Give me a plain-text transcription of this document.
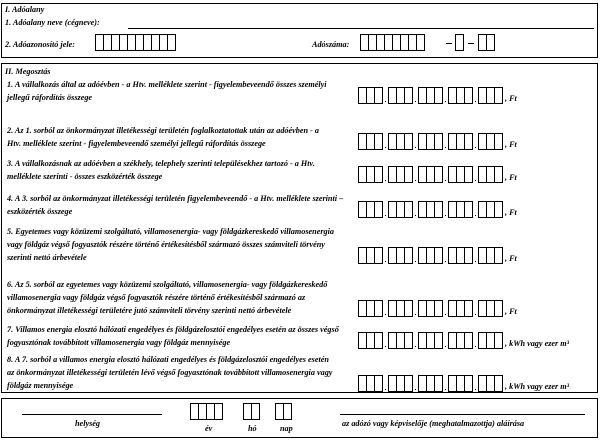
I. Adóalany
1. Adóalany neve (cégneve):
2. Adóazonosító jele:	Adószáma:
II. Megosztás
1. A vállalkozás által az adóévben - a Htv. melléklete szerint - figyelembeveendő összes személyi
jellegű ráfordítás összege	, Ft
2. Az 1. sorból az önkormányzat illetékességi területén foglalkoztatottak után az adóévben - a
Htv. melléklete szerint - figyelembeveendő személyi jellegű ráfordítás összege	, Ft
3. A vállalkozásnak az adóévben a székhely, telephely szerinti településekhez tartozó - a Htv.
melléklete szerinti - összes eszközérték összege	, Ft
4. A 3. sorból az önkormányzat illetékességi területén figyelembeveendő - a Htv. melléklete szerinti –
eszközérték összege	, Ft
5. Egyetemes vagy közüzemi szolgáltató, villamosenergia- vagy földgázkereskedő villamosenergia
vagy földgáz végső fogyasztók részére történő értékesítésből származó összes számviteli törvény
szerinti nettó árbevétele	, Ft
6. Az 5. sorból az egyetemes vagy közüzemi szolgáltató, villamosenergia- vagy földgázkereskedő
villamosenergia vagy földgáz végső fogyasztók részére történő értékesítésből származó az
önkormányzat illetékességi területére jutó számviteli törvény szerinti nettó árbevétele	, Ft
7. Villamos energia elosztó hálózati engedélyes és földgázelosztói engedélyes esetén az összes végső
fogyasztónak továbbított villamosenergia vagy földgáz mennyisége	, kWh vagy ezer m³
8. A 7. sorból a villamos energia elosztó hálózati engedélyes és földgázelosztói engedélyes esetén
az önkormányzat illetékességi területén lévő végső fogyasztónak továbbított villamosenergia vagy
földgáz mennyisége	, kWh vagy ezer m³
helység
év	hó	nap
az adózó vagy képviselője (meghatalmazottja) aláírása
